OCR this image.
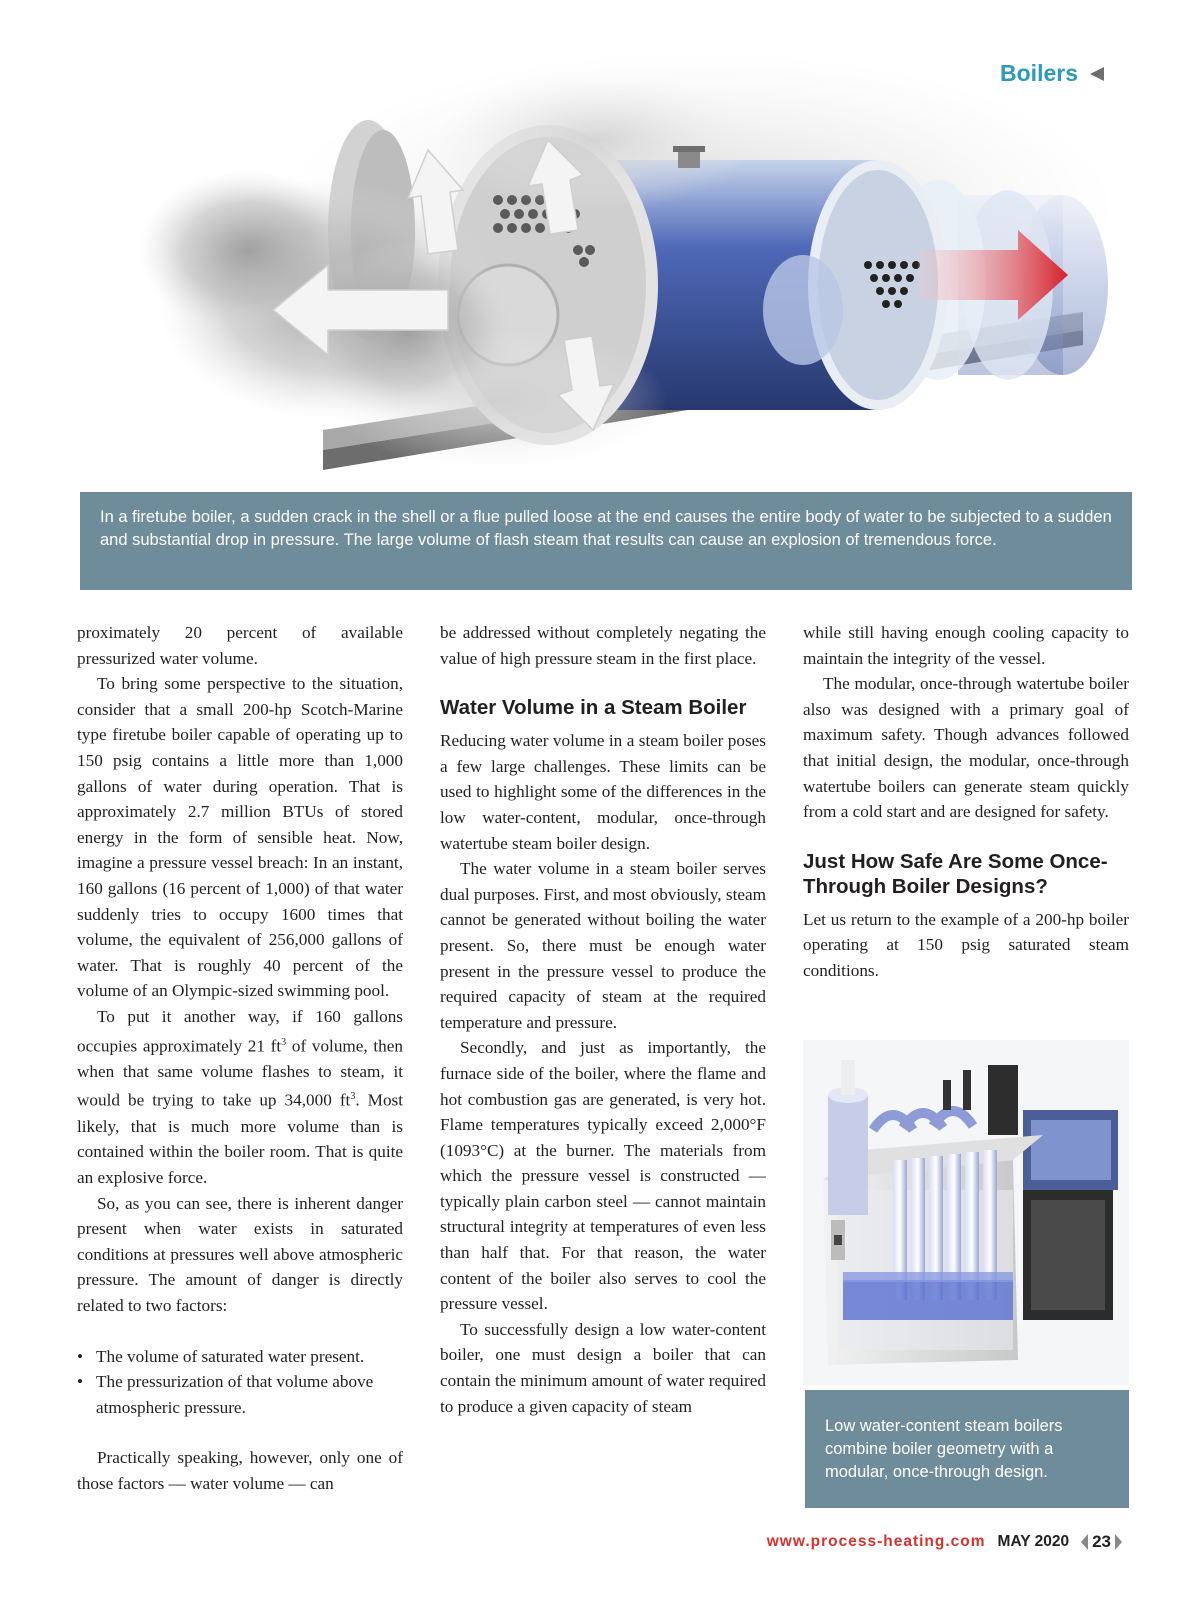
Boilers
In a firetube boiler, a sudden crack in the shell or a flue pulled loose at the end causes the entire body of water to be subjected to a sudden and substantial drop in pressure. The large volume of flash steam that results can cause an explosion of tremendous force.

proximately 20 percent of available pressurized water volume.

To bring some perspective to the situation, consider that a small 200-hp Scotch-Marine type firetube boiler capable of operating up to 150 psig contains a little more than 1,000 gallons of water during operation. That is approximately 2.7 million BTUs of stored energy in the form of sensible heat. Now, imagine a pressure vessel breach: In an instant, 160 gallons (16 percent of 1,000) of that water suddenly tries to occupy 1600 times that volume, the equivalent of 256,000 gallons of water. That is roughly 40 percent of the volume of an Olympic-sized swimming pool.

To put it another way, if 160 gallons occupies approximately 21 $ft^3$ of volume, then when that same volume flashes to steam, it would be trying to take up 34,000 $ft^3$. Most likely, that is much more volume than is contained within the boiler room. That is quite an explosive force.

So, as you can see, there is inherent danger present when water exists in saturated conditions at pressures well above atmospheric pressure. The amount of danger is directly related to two factors:

• The volume of saturated water present.
• The pressurization of that volume above atmospheric pressure.

Practically speaking, however, only one of those factors — water volume — can

be addressed without completely negating the value of high pressure steam in the first place.

Water Volume in a Steam Boiler

Reducing water volume in a steam boiler poses a few large challenges. These limits can be used to highlight some of the differences in the low water-content, modular, once-through watertube steam boiler design.

The water volume in a steam boiler serves dual purposes. First, and most obviously, steam cannot be generated without boiling the water present. So, there must be enough water present in the pressure vessel to produce the required capacity of steam at the required temperature and pressure.

Secondly, and just as importantly, the furnace side of the boiler, where the flame and hot combustion gas are generated, is very hot. Flame temperatures typically exceed 2,000°F (1093°C) at the burner. The materials from which the pressure vessel is constructed — typically plain carbon steel — cannot maintain structural integrity at temperatures of even less than half that. For that reason, the water content of the boiler also serves to cool the pressure vessel.

To successfully design a low water-content boiler, one must design a boiler that can contain the minimum amount of water required to produce a given capacity of steam

while still having enough cooling capacity to maintain the integrity of the vessel.

The modular, once-through watertube boiler also was designed with a primary goal of maximum safety. Though advances followed that initial design, the modular, once-through watertube boilers can generate steam quickly from a cold start and are designed for safety.

Just How Safe Are Some Once-Through Boiler Designs?

Let us return to the example of a 200-hp boiler operating at 150 psig saturated steam conditions.

Low water-content steam boilers combine boiler geometry with a modular, once-through design.
www.process-heating.com MAY 2020 23
